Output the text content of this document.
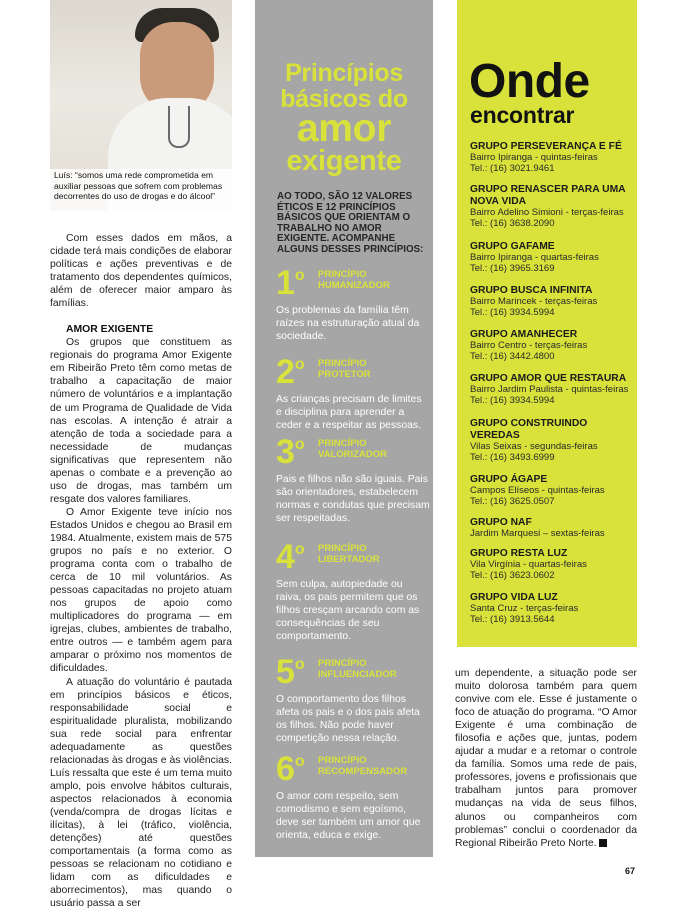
Luís: “somos uma rede comprometida em auxiliar pessoas que sofrem com problemas decorrentes do uso de drogas e do álcool”

Com esses dados em mãos, a cidade terá mais condições de elaborar políticas e ações preventivas e de tratamento dos dependentes químicos, além de oferecer maior amparo às famílias.

AMOR EXIGENTE

Os grupos que constituem as regionais do programa Amor Exigente em Ribeirão Preto têm como metas de trabalho a capacitação de maior número de voluntários e a implantação de um Programa de Qualidade de Vida nas escolas. A intenção é atrair a atenção de toda a sociedade para a necessidade de mudanças significativas que representem não apenas o combate e a prevenção ao uso de drogas, mas também um resgate dos valores familiares.

O Amor Exigente teve início nos Estados Unidos e chegou ao Brasil em 1984. Atualmente, existem mais de 575 grupos no país e no exterior. O programa conta com o trabalho de cerca de 10 mil voluntários. As pessoas capacitadas no projeto atuam nos grupos de apoio como multiplicadores do programa — em igrejas, clubes, ambientes de trabalho, entre outros — e também agem para amparar o próximo nos momentos de dificuldades.

A atuação do voluntário é pautada em princípios básicos e éticos, responsabilidade social e espiritualidade pluralista, mobilizando sua rede social para enfrentar adequadamente as questões relacionadas às drogas e às violências. Luís ressalta que este é um tema muito amplo, pois envolve hábitos culturais, aspectos relacionados à economia (venda/compra de drogas lícitas e ilícitas), à lei (tráfico, violência, detenções) até questões comportamentais (a forma como as pessoas se relacionam no cotidiano e lidam com as dificuldades e aborrecimentos), mas quando o usuário passa a ser

Princípios
básicos do
amor
exigente
AO TODO, SÃO 12 VALORES ÉTICOS E 12 PRINCÍPIOS BÁSICOS QUE ORIENTAM O TRABALHO NO AMOR EXIGENTE. ACOMPANHE ALGUNS DESSES PRINCÍPIOS:
1$^o$ PRINCÍPIO
HUMANIZADOR
Os problemas da família têm raízes na estruturação atual da sociedade.
2$^o$ PRINCÍPIO
PROTETOR
As crianças precisam de limites e disciplina para aprender a ceder e a respeitar as pessoas.
3$^o$ PRINCÍPIO
VALORIZADOR
Pais e filhos não são iguais. Pais são orientadores, estabelecem normas e condutas que precisam ser respeitadas.
4$^o$ PRINCÍPIO
LIBERTADOR
Sem culpa, autopiedade ou raiva, os pais permitem que os filhos cresçam arcando com as consequências de seu comportamento.
5$^o$ PRINCÍPIO
INFLUENCIADOR
O comportamento dos filhos afeta os pais e o dos pais afeta os filhos. Não pode haver competição nessa relação.
6$^o$ PRINCÍPIO
RECOMPENSADOR
O amor com respeito, sem comodismo e sem egoísmo, deve ser também um amor que orienta, educa e exige.
Onde
encontrar
GRUPO PERSEVERANÇA E FÉ
Bairro Ipiranga - quintas-feiras
Tel.: (16) 3021.9461
GRUPO RENASCER PARA UMA NOVA VIDA
Bairro Adelino Simioni - terças-feiras
Tel.: (16) 3638.2090
GRUPO GAFAME
Bairro Ipiranga - quartas-feiras
Tel.: (16) 3965.3169
GRUPO BUSCA INFINITA
Bairro Marincek - terças-feiras
Tel.: (16) 3934.5994
GRUPO AMANHECER
Bairro Centro - terças-feiras
Tel.: (16) 3442.4800
GRUPO AMOR QUE RESTAURA
Bairro Jardim Paulista - quintas-feiras
Tel.: (16) 3934.5994
GRUPO CONSTRUINDO VEREDAS
Vilas Seixas - segundas-feiras
Tel.: (16) 3493.6999
GRUPO ÁGAPE
Campos Elíseos - quintas-feiras
Tel.: (16) 3625.0507
GRUPO NAF
Jardim Marquesi – sextas-feiras
GRUPO RESTA LUZ
Vila Virgínia - quartas-feiras
Tel.: (16) 3623.0602
GRUPO VIDA LUZ
Santa Cruz - terças-feiras
Tel.: (16) 3913.5644

um dependente, a situação pode ser muito dolorosa também para quem convive com ele. Esse é justamente o foco de atuação do programa. “O Amor Exigente é uma combinação de filosofia e ações que, juntas, podem ajudar a mudar e a retomar o controle da família. Somos uma rede de pais, professores, jovens e profissionais que trabalham juntos para promover mudanças na vida de seus filhos, alunos ou companheiros com problemas” conclui o coordenador da Regional Ribeirão Preto Norte.

67
